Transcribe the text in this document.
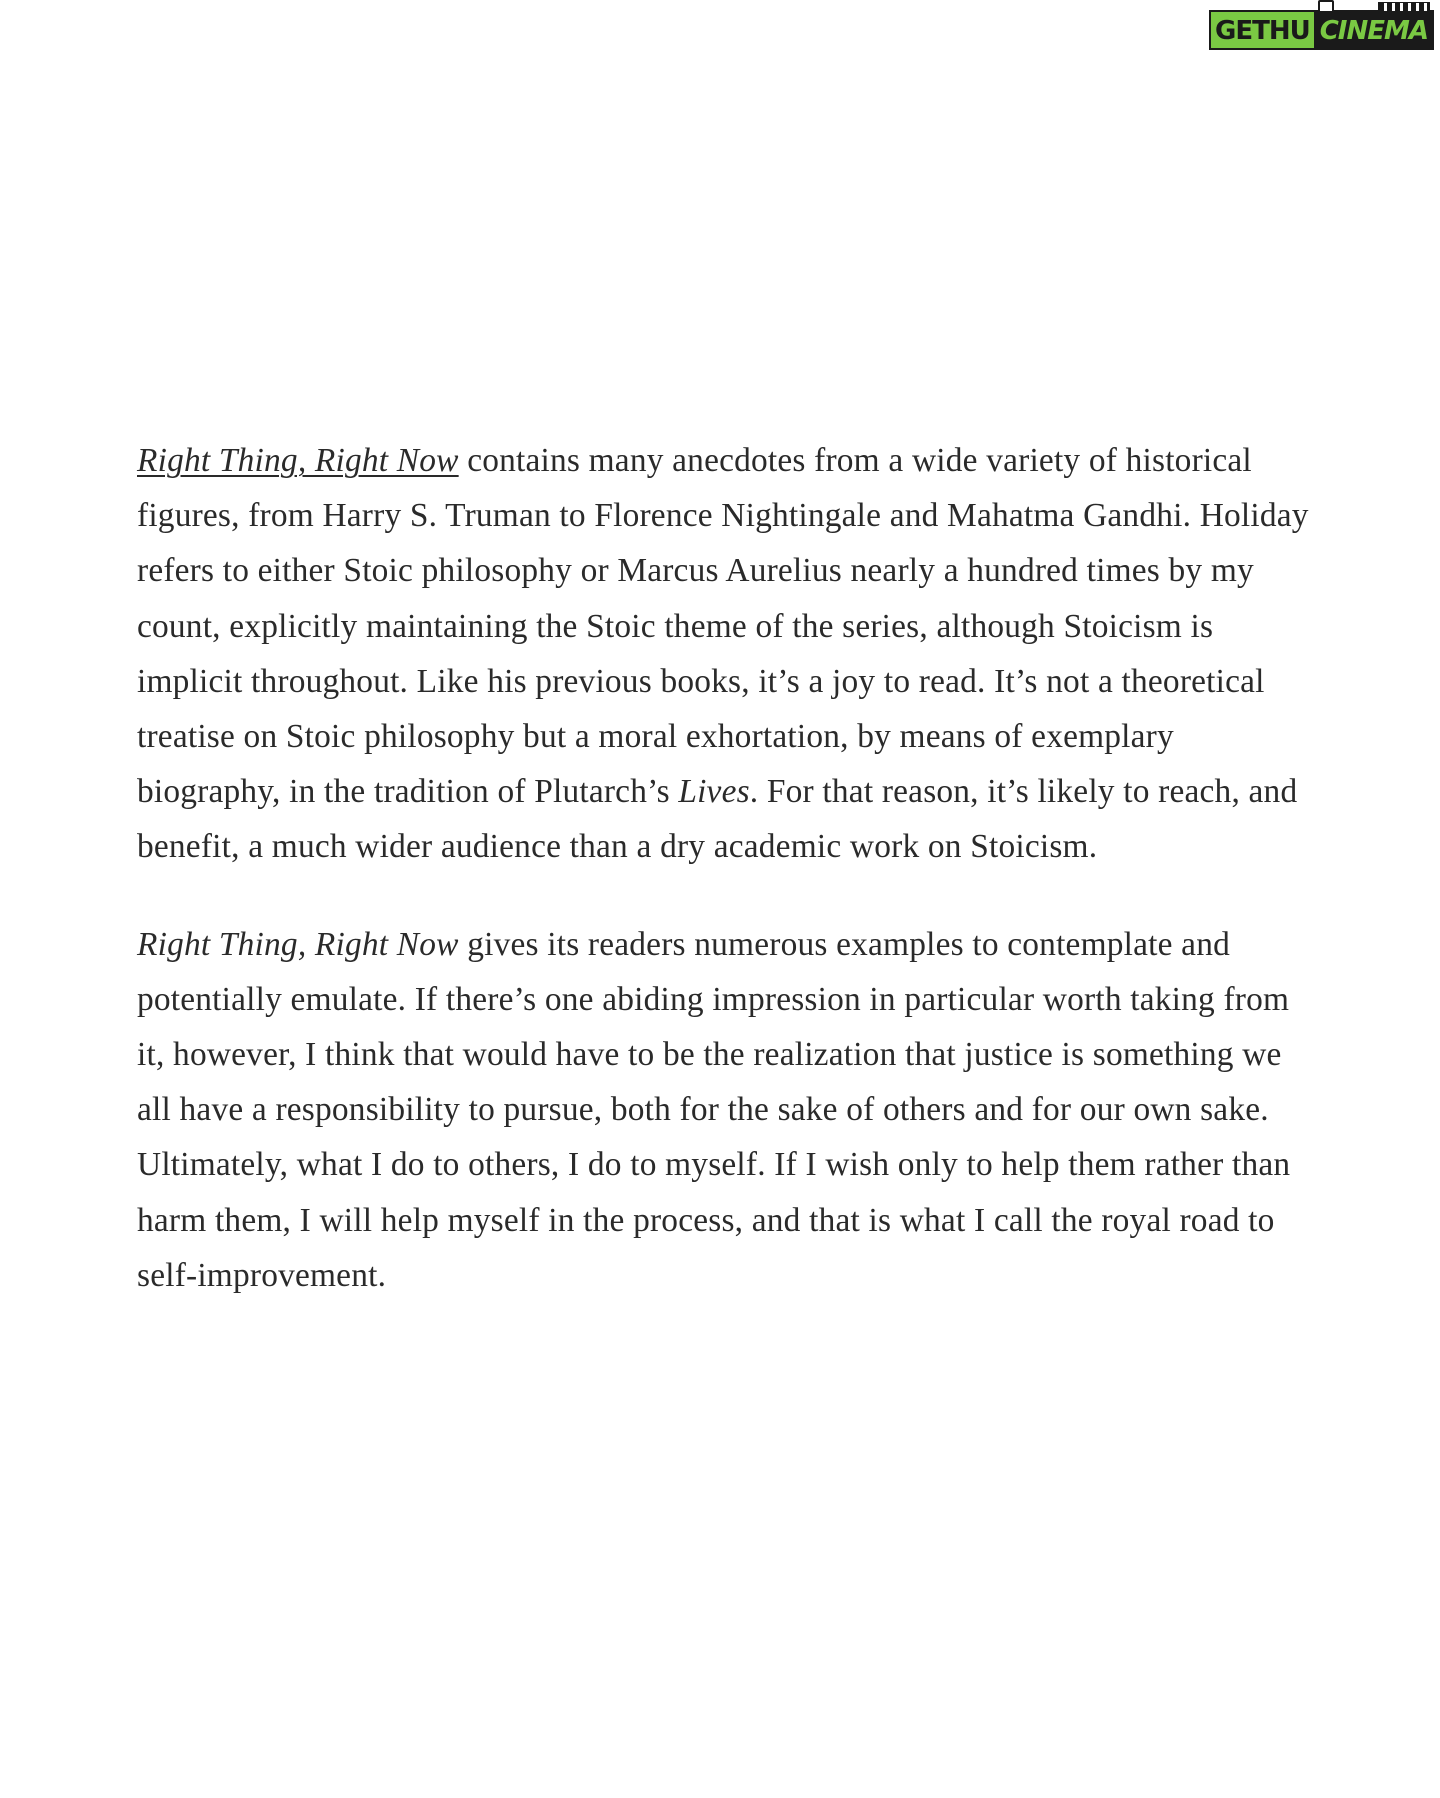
GETHU CINEMA

Right Thing, Right Now contains many anecdotes from a wide variety of historical figures, from Harry S. Truman to Florence Nightingale and Mahatma Gandhi. Holiday refers to either Stoic philosophy or Marcus Aurelius nearly a hundred times by my count, explicitly maintaining the Stoic theme of the series, although Stoicism is implicit throughout. Like his previous books, it’s a joy to read. It’s not a theoretical treatise on Stoic philosophy but a moral exhortation, by means of exemplary biography, in the tradition of Plutarch’s Lives. For that reason, it’s likely to reach, and benefit, a much wider audience than a dry academic work on Stoicism.

Right Thing, Right Now gives its readers numerous examples to contemplate and potentially emulate. If there’s one abiding impression in particular worth taking from it, however, I think that would have to be the realization that justice is something we all have a responsibility to pursue, both for the sake of others and for our own sake. Ultimately, what I do to others, I do to myself. If I wish only to help them rather than harm them, I will help myself in the process, and that is what I call the royal road to self-improvement.
